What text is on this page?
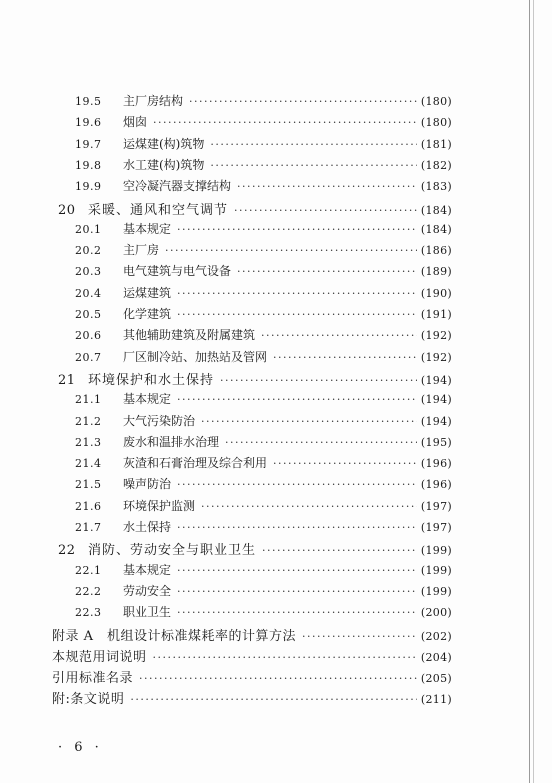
19.5	主厂房结构 ·····	(180)
19.6	烟囱 ·····	(180)
19.7	运煤建(构)筑物 ·····	(181)
19.8	水工建(构)筑物 ·····	(182)
19.9	空冷凝汽器支撑结构 ·····	(183)
20 采暖、通风和空气调节 ·····	(184)
20.1	基本规定 ·····	(184)
20.2	主厂房 ·····	(186)
20.3	电气建筑与电气设备 ·····	(189)
20.4	运煤建筑 ·····	(190)
20.5	化学建筑 ·····	(191)
20.6	其他辅助建筑及附属建筑 ·····	(192)
20.7	厂区制冷站、加热站及管网 ·····	(192)
21 环境保护和水土保持 ·····	(194)
21.1	基本规定 ·····	(194)
21.2	大气污染防治 ·····	(194)
21.3	废水和温排水治理 ·····	(195)
21.4	灰渣和石膏治理及综合利用 ·····	(196)
21.5	噪声防治 ·····	(196)
21.6	环境保护监测 ·····	(197)
21.7	水土保持 ·····	(197)
22 消防、劳动安全与职业卫生 ·····	(199)
22.1	基本规定 ·····	(199)
22.2	劳动安全 ·····	(199)
22.3	职业卫生 ·····	(200)
附录 A　机组设计标准煤耗率的计算方法 ·····	(202)
本规范用词说明 ·····	(204)
引用标准名录 ·····	(205)
附:条文说明 ·····	(211)
· 6 ·
